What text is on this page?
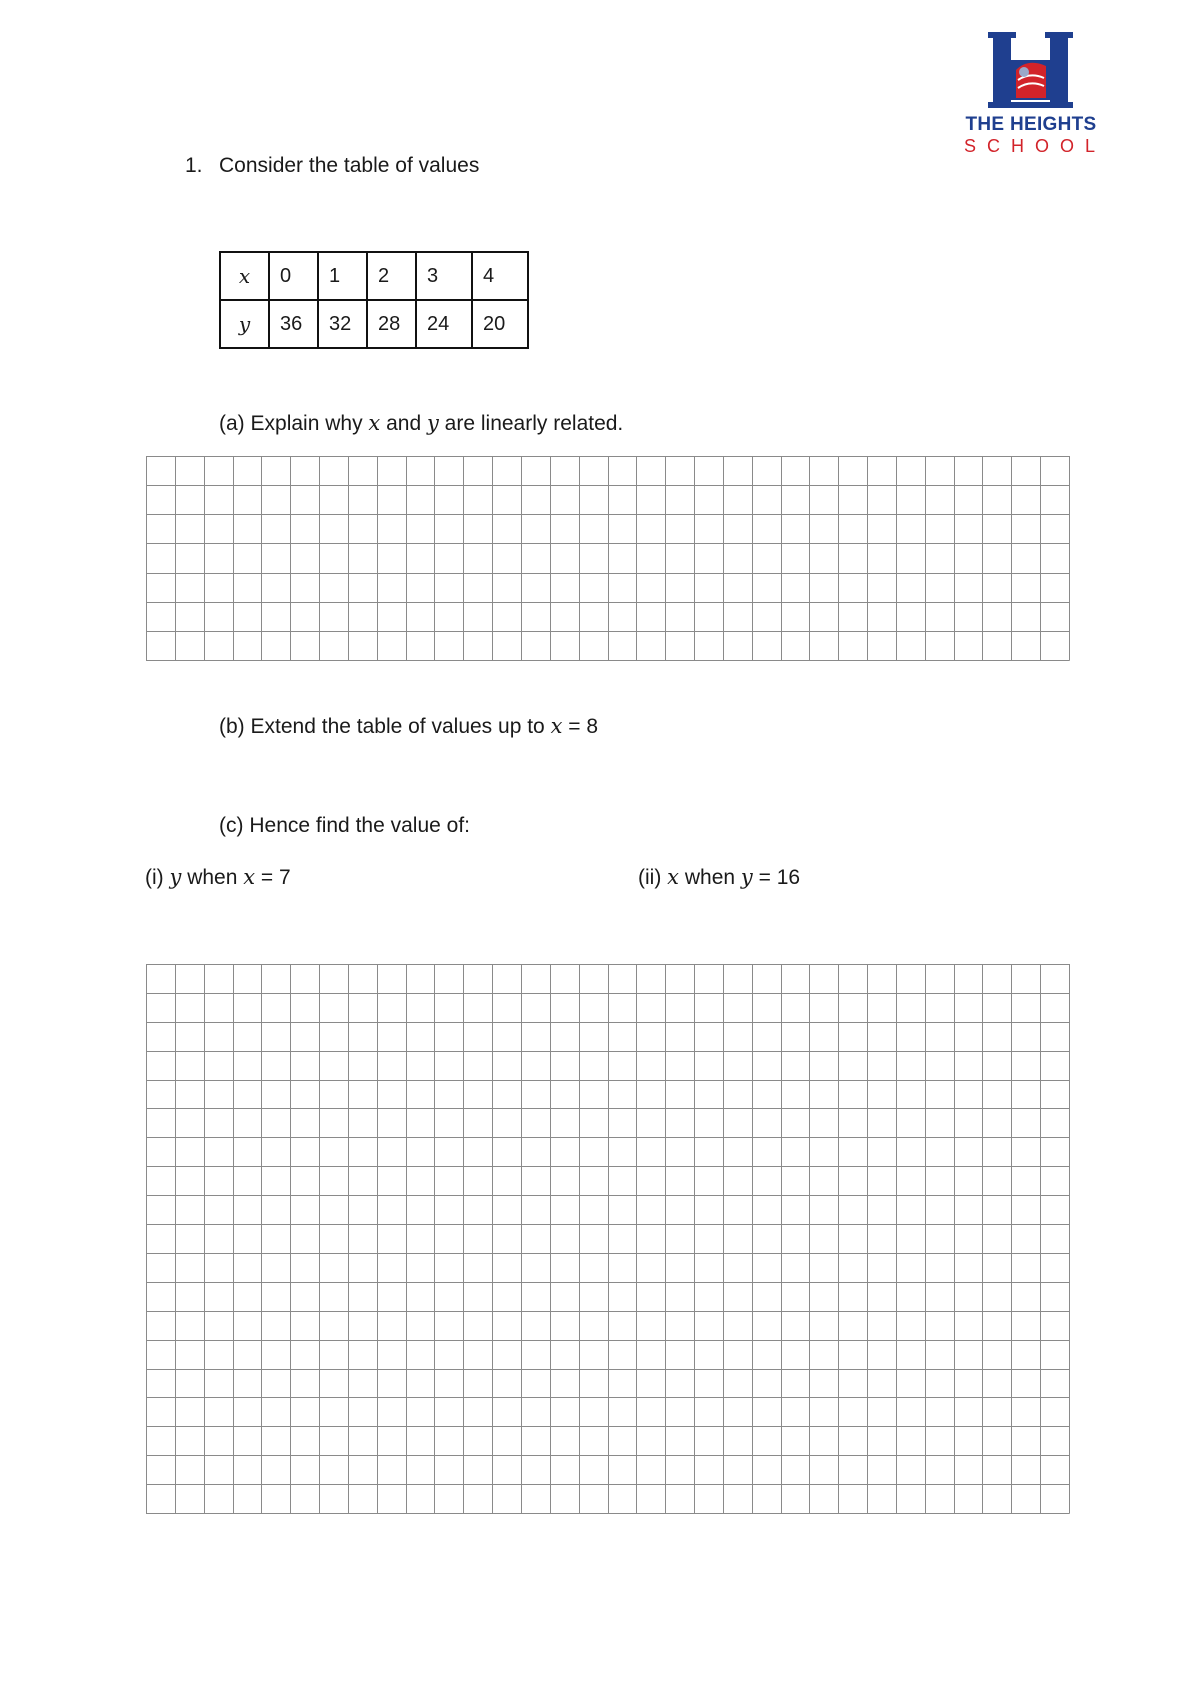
THE HEIGHTS
SCHOOL
1. Consider the table of values
x	0	1	2	3	4
y	36	32	28	24	20
(a) Explain why x and y are linearly related.
(b) Extend the table of values up to x = 8
(c) Hence find the value of:
(i) y when x = 7	(ii) x when y = 16
